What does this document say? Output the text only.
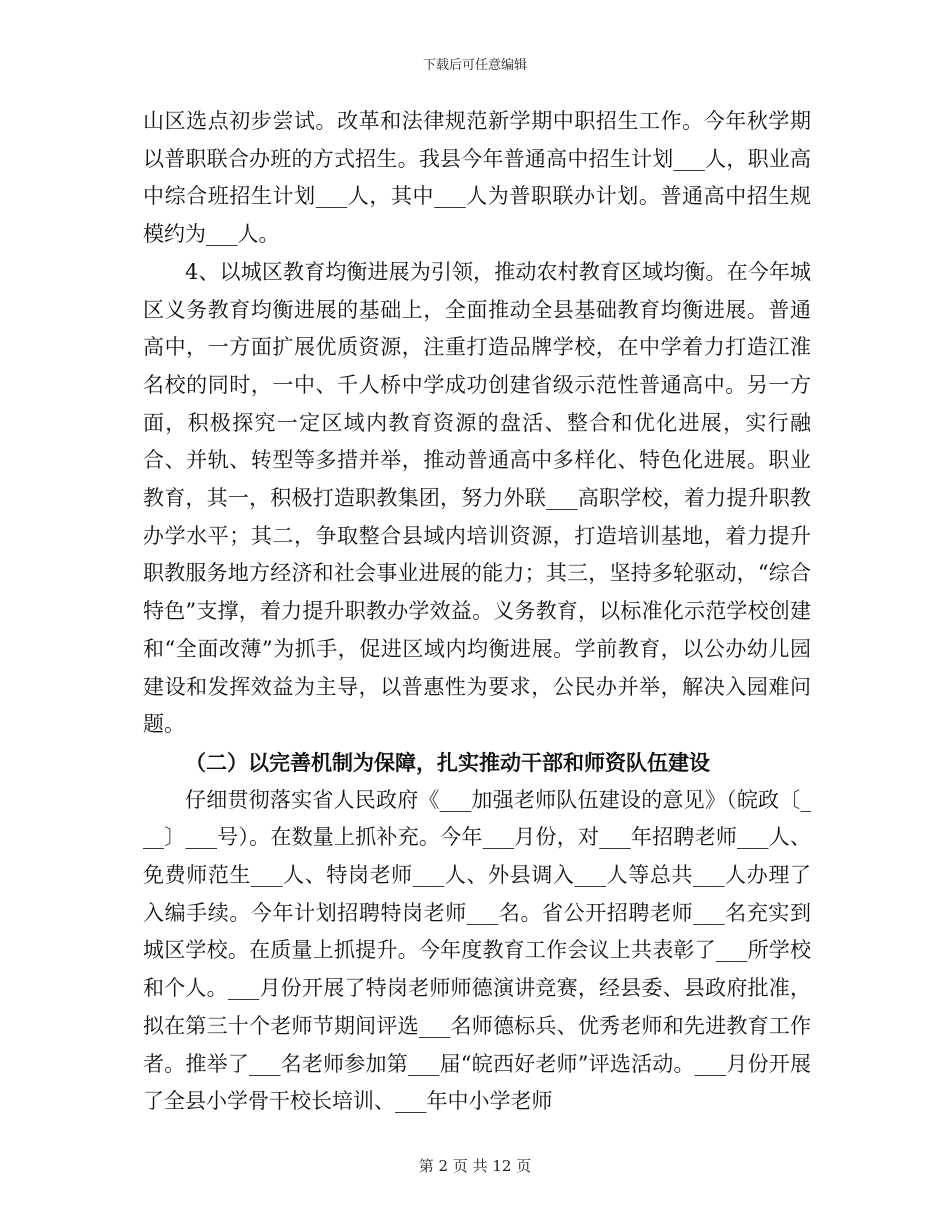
下载后可任意编辑

山区选点初步尝试。改革和法律规范新学期中职招生工作。今年秋学期以普职联合办班的方式招生。我县今年普通高中招生计划___人，职业高中综合班招生计划___人，其中___人为普职联办计划。普通高中招生规模约为___人。

4、以城区教育均衡进展为引领，推动农村教育区域均衡。在今年城区义务教育均衡进展的基础上，全面推动全县基础教育均衡进展。普通高中，一方面扩展优质资源，注重打造品牌学校，在中学着力打造江淮名校的同时，一中、千人桥中学成功创建省级示范性普通高中。另一方面，积极探究一定区域内教育资源的盘活、整合和优化进展，实行融合、并轨、转型等多措并举，推动普通高中多样化、特色化进展。职业教育，其一，积极打造职教集团，努力外联___高职学校，着力提升职教办学水平；其二，争取整合县域内培训资源，打造培训基地，着力提升职教服务地方经济和社会事业进展的能力；其三，坚持多轮驱动，“综合特色”支撑，着力提升职教办学效益。义务教育，以标准化示范学校创建和“全面改薄”为抓手，促进区域内均衡进展。学前教育，以公办幼儿园建设和发挥效益为主导，以普惠性为要求，公民办并举，解决入园难问题。

（二）以完善机制为保障，扎实推动干部和师资队伍建设

仔细贯彻落实省人民政府《___加强老师队伍建设的意见》（皖政〔___〕___号）。在数量上抓补充。今年___月份，对___年招聘老师___人、免费师范生___人、特岗老师___人、外县调入___人等总共___人办理了入编手续。今年计划招聘特岗老师___名。省公开招聘老师___名充实到城区学校。在质量上抓提升。今年度教育工作会议上共表彰了___所学校和个人。___月份开展了特岗老师师德演讲竞赛，经县委、县政府批准，拟在第三十个老师节期间评选___名师德标兵、优秀老师和先进教育工作者。推举了___名老师参加第___届“皖西好老师”评选活动。___月份开展了全县小学骨干校长培训、___年中小学老师

第 2 页 共 12 页
